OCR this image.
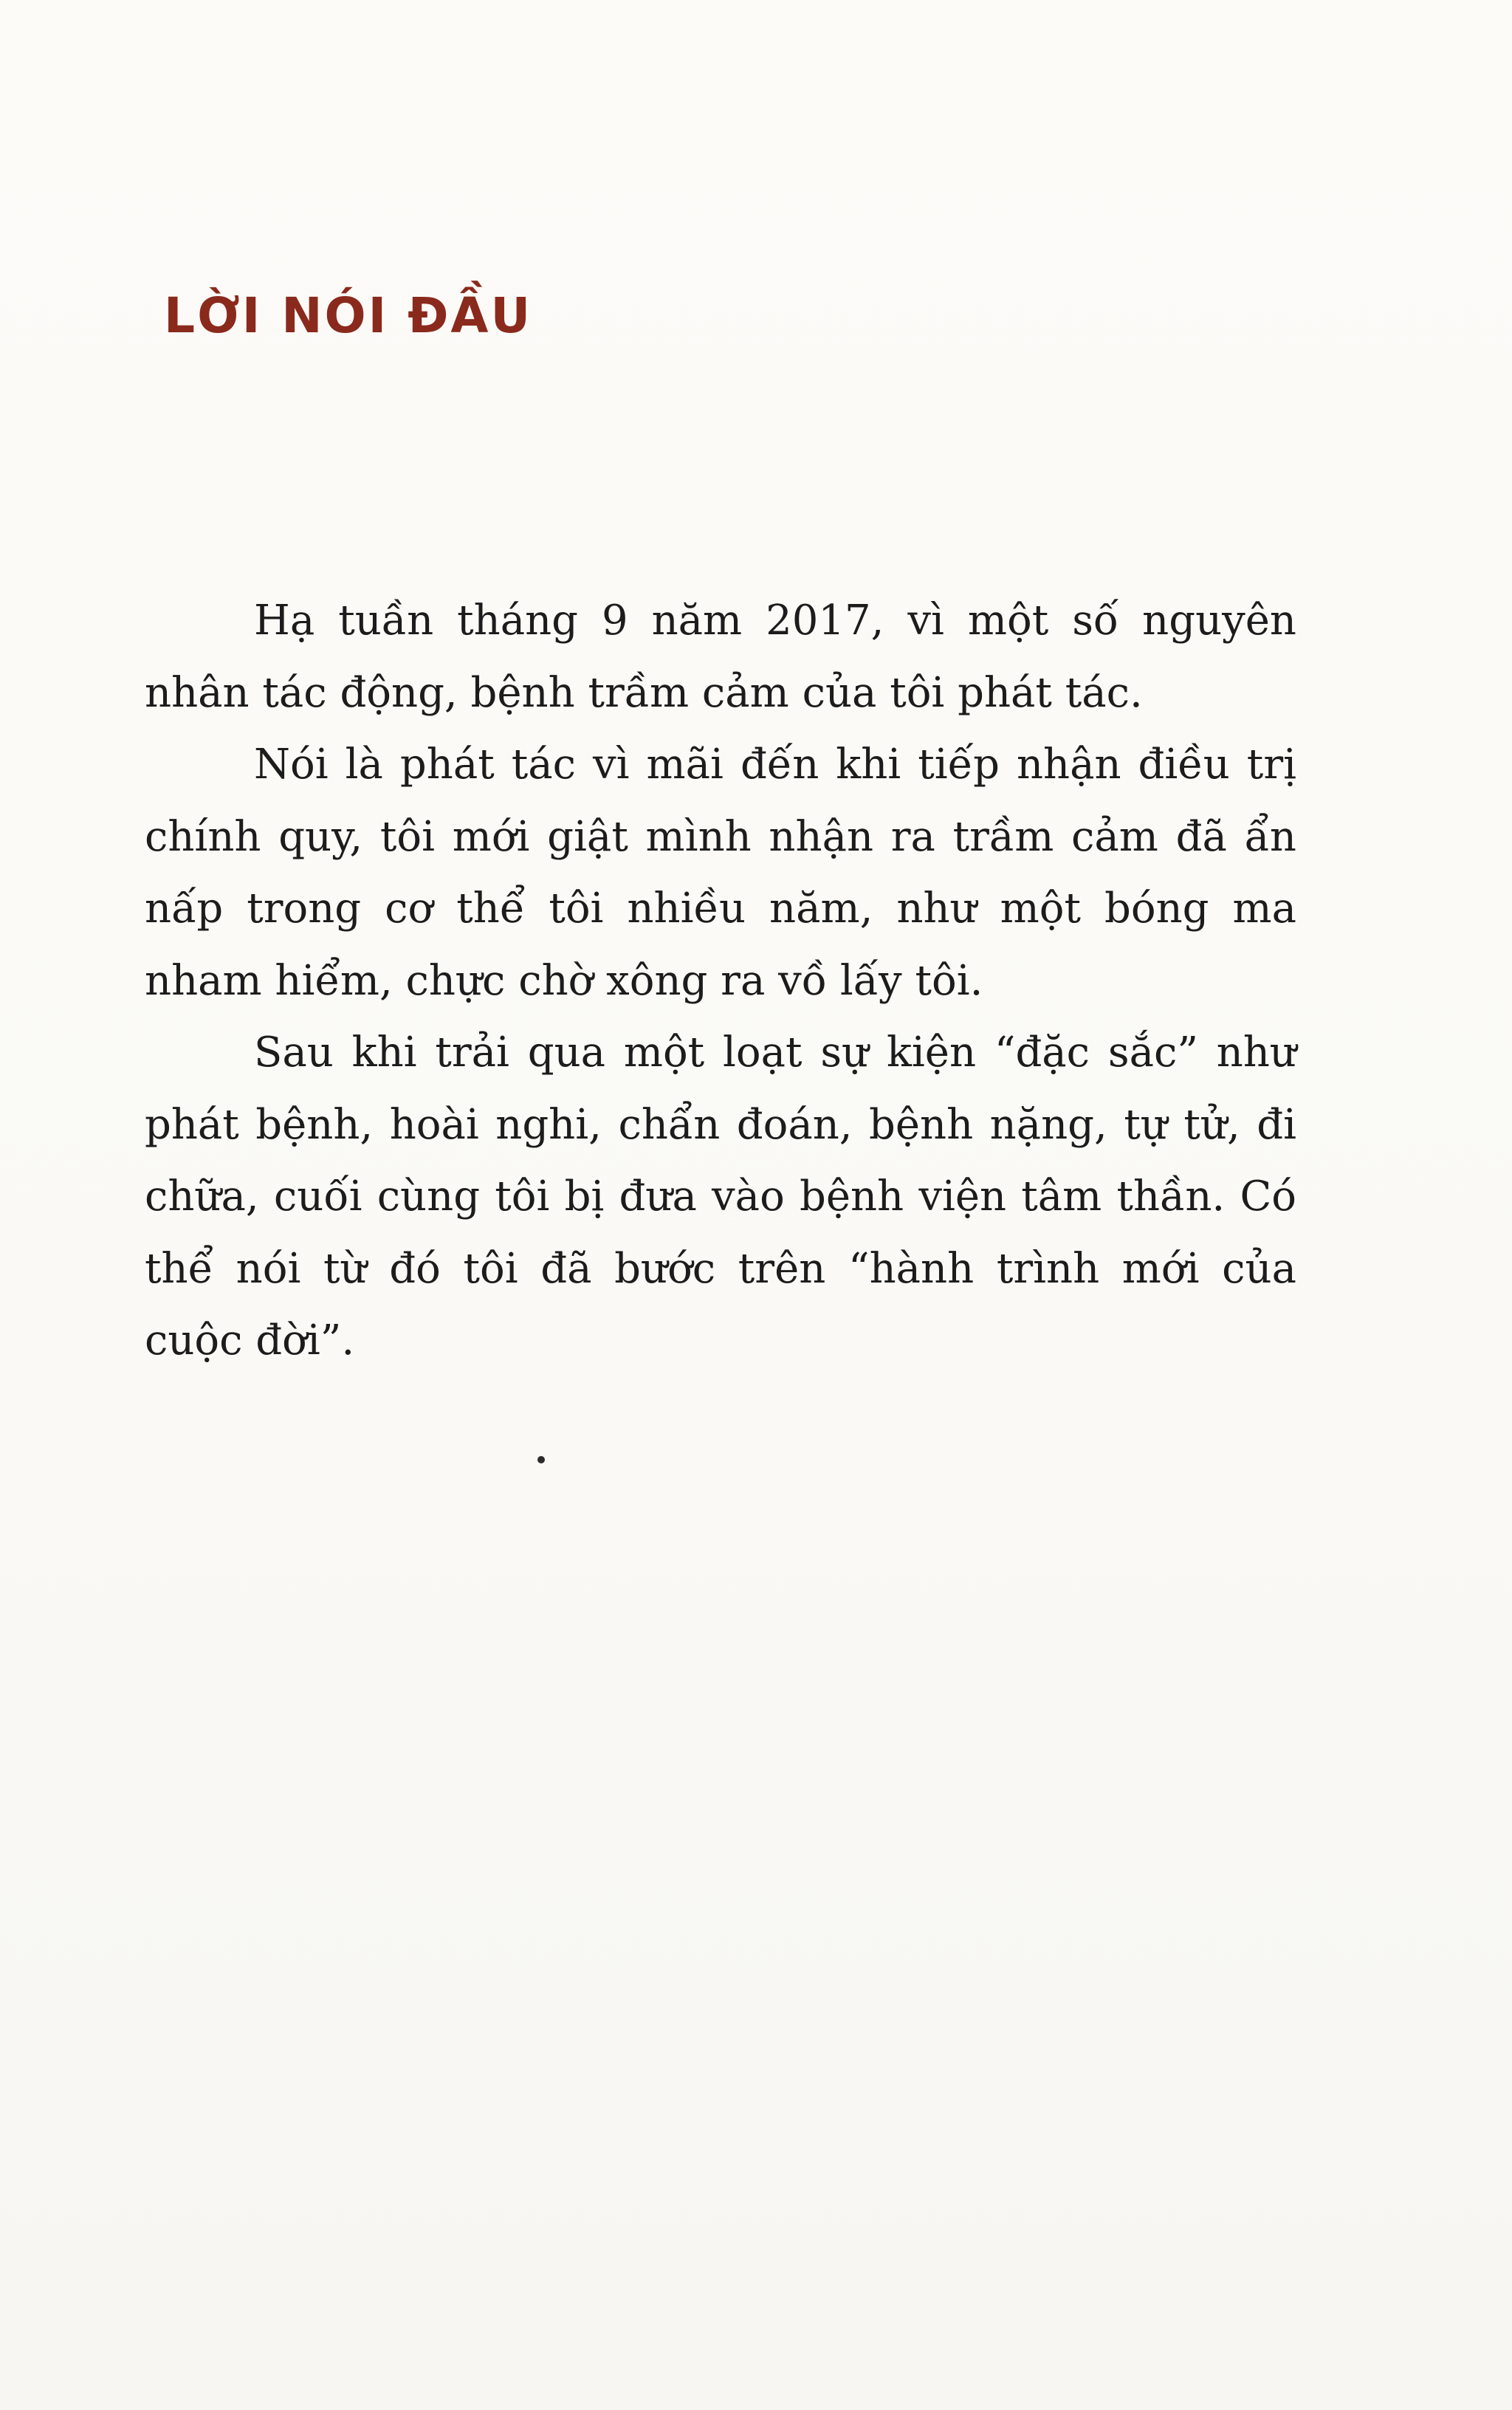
LỜI NÓI ĐẦU

Hạ tuần tháng 9 năm 2017, vì một số nguyên nhân tác động, bệnh trầm cảm của tôi phát tác.

Nói là phát tác vì mãi đến khi tiếp nhận điều trị chính quy, tôi mới giật mình nhận ra trầm cảm đã ẩn nấp trong cơ thể tôi nhiều năm, như một bóng ma nham hiểm, chực chờ xông ra vồ lấy tôi.

Sau khi trải qua một loạt sự kiện “đặc sắc” như phát bệnh, hoài nghi, chẩn đoán, bệnh nặng, tự tử, đi chữa, cuối cùng tôi bị đưa vào bệnh viện tâm thần. Có thể nói từ đó tôi đã bước trên “hành trình mới của cuộc đời”.
